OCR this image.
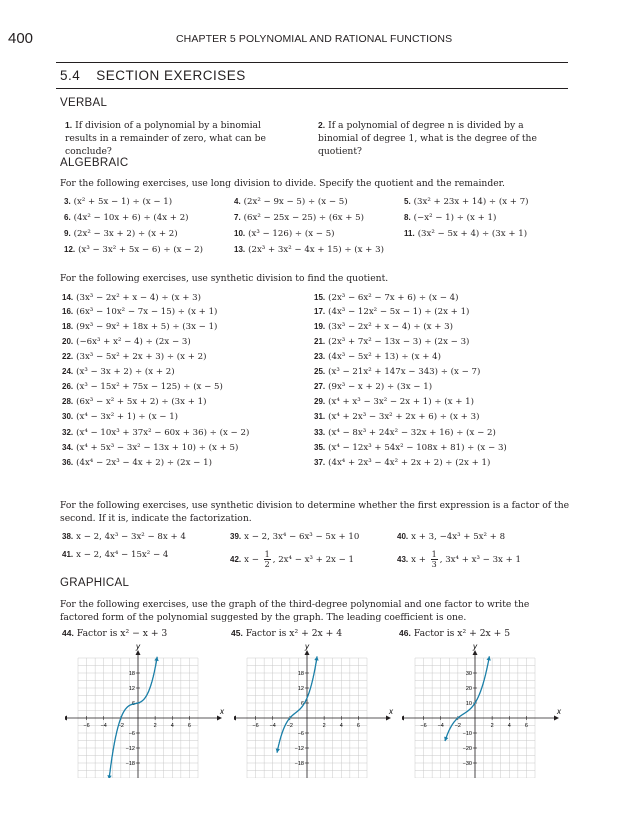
400	CHAPTER 5 POLYNOMIAL AND RATIONAL FUNCTIONS
5.4 SECTION EXERCISES
VERBAL
1. If division of a polynomial by a binomial results in a remainder of zero, what can be conclude?
2. If a polynomial of degree n is divided by a binomial of degree 1, what is the degree of the quotient?
ALGEBRAIC
For the following exercises, use long division to divide. Specify the quotient and the remainder.
3. (x² + 5x − 1) ÷ (x − 1)	4. (2x² − 9x − 5) ÷ (x − 5)	5. (3x² + 23x + 14) ÷ (x + 7)
6. (4x² − 10x + 6) ÷ (4x + 2)	7. (6x² − 25x − 25) ÷ (6x + 5)	8. (−x² − 1) ÷ (x + 1)
9. (2x² − 3x + 2) ÷ (x + 2)	10. (x³ − 126) ÷ (x − 5)	11. (3x² − 5x + 4) ÷ (3x + 1)
12. (x³ − 3x² + 5x − 6) ÷ (x − 2)	13. (2x³ + 3x² − 4x + 15) ÷ (x + 3)
For the following exercises, use synthetic division to find the quotient.
14. (3x³ − 2x² + x − 4) ÷ (x + 3)	15. (2x³ − 6x² − 7x + 6) ÷ (x − 4)
16. (6x³ − 10x² − 7x − 15) ÷ (x + 1)	17. (4x³ − 12x² − 5x − 1) ÷ (2x + 1)
18. (9x³ − 9x² + 18x + 5) ÷ (3x − 1)	19. (3x³ − 2x² + x − 4) ÷ (x + 3)
20. (−6x³ + x² − 4) ÷ (2x − 3)	21. (2x³ + 7x² − 13x − 3) ÷ (2x − 3)
22. (3x³ − 5x² + 2x + 3) ÷ (x + 2)	23. (4x³ − 5x² + 13) ÷ (x + 4)
24. (x³ − 3x + 2) ÷ (x + 2)	25. (x³ − 21x² + 147x − 343) ÷ (x − 7)
26. (x³ − 15x² + 75x − 125) ÷ (x − 5)	27. (9x³ − x + 2) ÷ (3x − 1)
28. (6x³ − x² + 5x + 2) ÷ (3x + 1)	29. (x⁴ + x³ − 3x² − 2x + 1) ÷ (x + 1)
30. (x⁴ − 3x² + 1) ÷ (x − 1)	31. (x⁴ + 2x³ − 3x² + 2x + 6) ÷ (x + 3)
32. (x⁴ − 10x³ + 37x² − 60x + 36) ÷ (x − 2)	33. (x⁴ − 8x³ + 24x² − 32x + 16) ÷ (x − 2)
34. (x⁴ + 5x³ − 3x² − 13x + 10) ÷ (x + 5)	35. (x⁴ − 12x³ + 54x² − 108x + 81) ÷ (x − 3)
36. (4x⁴ − 2x³ − 4x + 2) ÷ (2x − 1)	37. (4x⁴ + 2x³ − 4x² + 2x + 2) ÷ (2x + 1)
For the following exercises, use synthetic division to determine whether the first expression is a factor of the second. If it is, indicate the factorization.
38. x − 2, 4x³ − 3x² − 8x + 4	39. x − 2, 3x⁴ − 6x³ − 5x + 10	40. x + 3, −4x³ + 5x² + 8
41. x − 2, 4x⁴ − 15x² − 4	42. $x - \frac{1}{2}$ , 2x⁴ − x³ + 2x − 1	43. $x + \frac{1}{3}$ , 3x⁴ + x³ − 3x + 1
GRAPHICAL
For the following exercises, use the graph of the third-degree polynomial and one factor to write the factored form of the polynomial suggested by the graph. The leading coefficient is one.
44. Factor is x² − x + 3
x
y
−6 −4 −2	2	4	6
18
12
6
−6
−12
−18
45. Factor is x² + 2x + 4
x
y
−6 −4 −2	2	4	6
18
12
6
−6
−12
−18
46. Factor is x² + 2x + 5
x
y
−6 −4 −2	2	4	6
30
20
10
−10
−20
−30
